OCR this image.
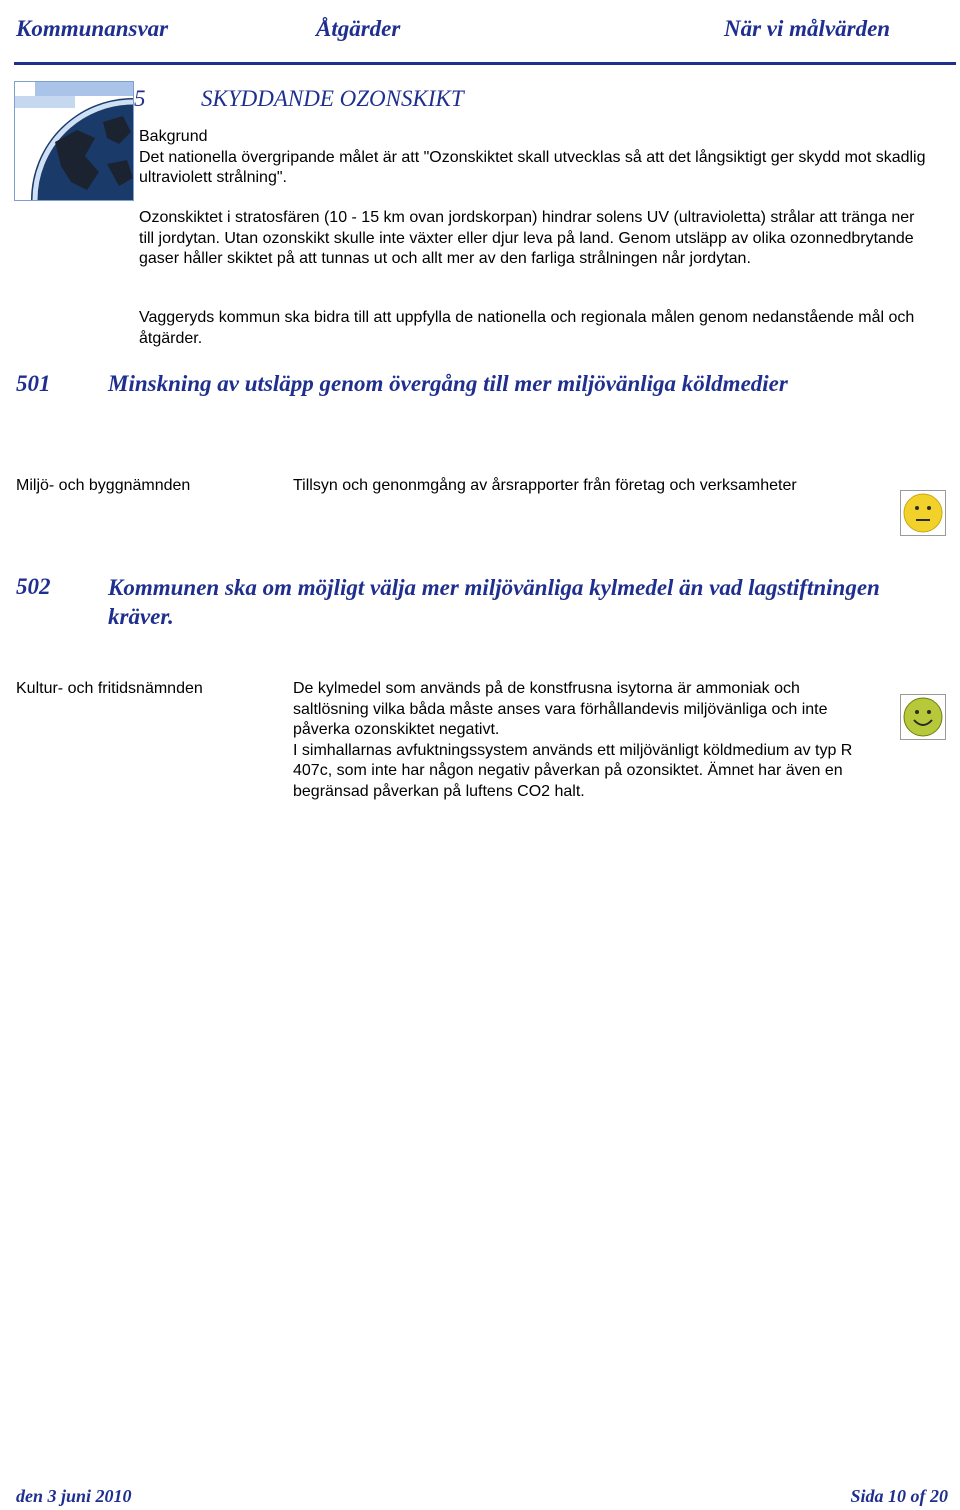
Kommunansvar	Åtgärder	När vi målvärden
5 SKYDDANDE OZONSKIKT

Bakgrund

Det nationella övergripande målet är att "Ozonskiktet skall utvecklas så att det långsiktigt ger skydd mot skadlig ultraviolett strålning".

Ozonskiktet i stratosfären (10 - 15 km ovan jordskorpan) hindrar solens UV (ultravioletta) strålar att tränga ner till jordytan. Utan ozonskikt skulle inte växter eller djur leva på land. Genom utsläpp av olika ozonnedbrytande gaser håller skiktet på att tunnas ut och allt mer av den farliga strålningen når jordytan.

Vaggeryds kommun ska bidra till att uppfylla de nationella och regionala målen genom nedanstående mål och åtgärder.

501	Minskning av utsläpp genom övergång till mer miljövänliga köldmedier
Miljö- och byggnämnden	Tillsyn och genonmgång av årsrapporter från företag och verksamheter

502	Kommunen ska om möjligt välja mer miljövänliga kylmedel än vad lagstiftningen kräver.
Kultur- och fritidsnämnden	De kylmedel som används på de konstfrusna isytorna är ammoniak och saltlösning vilka båda måste anses vara förhållandevis miljövänliga och inte påverka ozonskiktet negativt.

I simhallarnas avfuktningssystem används ett miljövänligt köldmedium av typ R 407c, som inte har någon negativ påverkan på ozonsiktet. Ämnet har även en begränsad påverkan på luftens CO2 halt.

den 3 juni 2010	Sida 10 of 20
